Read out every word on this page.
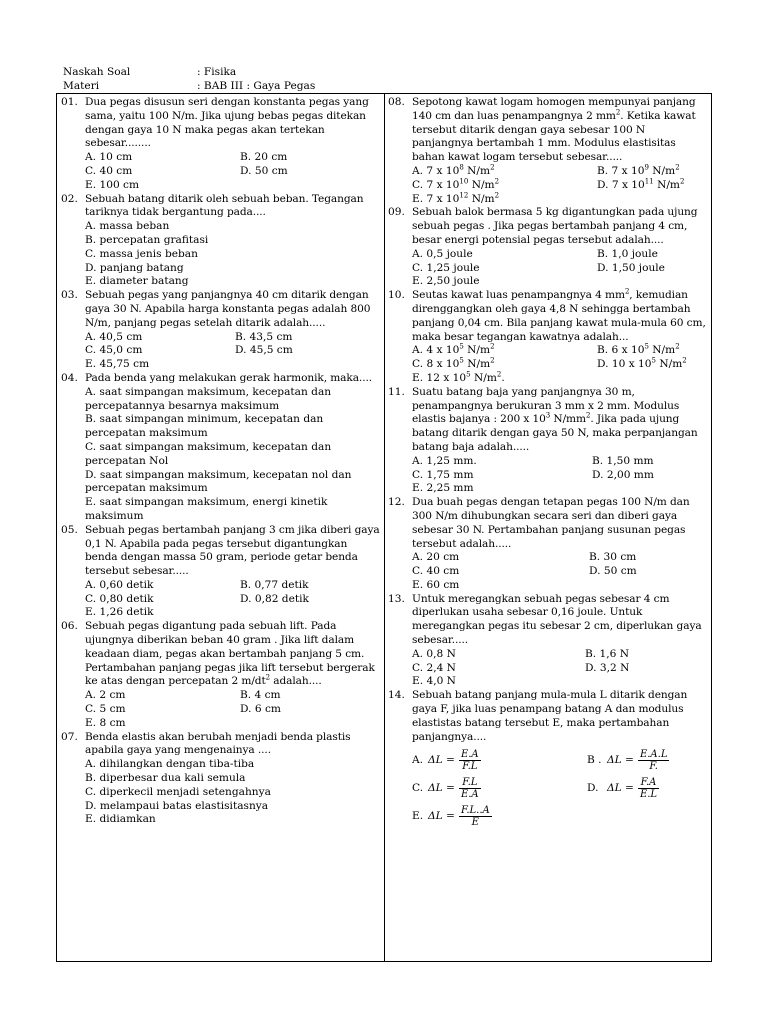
Naskah Soal	: Fisika
Materi	: BAB III : Gaya Pegas
01. Dua pegas disusun seri dengan konstanta pegas yang sama, yaitu 100 N/m. Jika ujung bebas pegas ditekan dengan gaya 10 N maka pegas akan tertekan sebesar........
A. 10 cm	B. 20 cm
C. 40 cm	D. 50 cm
E. 100 cm
02. Sebuah batang ditarik oleh sebuah beban. Tegangan tariknya tidak bergantung pada....
A. massa beban
B. percepatan grafitasi
C. massa jenis beban
D. panjang batang
E. diameter batang
03. Sebuah pegas yang panjangnya 40 cm ditarik dengan gaya 30 N. Apabila harga konstanta pegas adalah 800 N/m, panjang pegas setelah ditarik adalah.....
A. 40,5 cm	B. 43,5 cm
C. 45,0 cm	D. 45,5 cm
E. 45,75 cm
04. Pada benda yang melakukan gerak harmonik, maka....
A. saat simpangan maksimum, kecepatan dan percepatannya besarnya maksimum
B. saat simpangan minimum, kecepatan dan percepatan maksimum
C. saat simpangan maksimum, kecepatan dan percepatan Nol
D. saat simpangan maksimum, kecepatan nol dan percepatan maksimum
E. saat simpangan maksimum, energi kinetik maksimum
05. Sebuah pegas bertambah panjang 3 cm jika diberi gaya 0,1 N. Apabila pada pegas tersebut digantungkan benda dengan massa 50 gram, periode getar benda tersebut sebesar.....
A. 0,60 detik	B. 0,77 detik
C. 0,80 detik	D. 0,82 detik
E. 1,26 detik
06. Sebuah pegas digantung pada sebuah lift. Pada ujungnya diberikan beban 40 gram . Jika lift dalam keadaan diam, pegas akan bertambah panjang 5 cm. Pertambahan panjang pegas jika lift tersebut bergerak ke atas dengan percepatan 2 $m/dt^2$ adalah....
A. 2 cm	B. 4 cm
C. 5 cm	D. 6 cm
E. 8 cm
07. Benda elastis akan berubah menjadi benda plastis apabila gaya yang mengenainya ....
A. dihilangkan dengan tiba-tiba
B. diperbesar dua kali semula
C. diperkecil menjadi setengahnya
D. melampaui batas elastisitasnya
E. didiamkan
08. Sepotong kawat logam homogen mempunyai panjang 140 cm dan luas penampangnya 2 $mm^2$. Ketika kawat tersebut ditarik dengan gaya sebesar 100 N panjangnya bertambah 1 mm. Modulus elastisitas bahan kawat logam tersebut sebesar.....
A. 7 x $10^8$ $N/m^2$	B. 7 x $10^9$ $N/m^2$
C. 7 x $10^{10}$ $N/m^2$	D. 7 x $10^{11}$ $N/m^2$
E. 7 x $10^{12}$ $N/m^2$
09. Sebuah balok bermasa 5 kg digantungkan pada ujung sebuah pegas . Jika pegas bertambah panjang 4 cm, besar energi potensial pegas tersebut adalah....
A. 0,5 joule	B. 1,0 joule
C. 1,25 joule	D. 1,50 joule
E. 2,50 joule
10. Seutas kawat luas penampangnya 4 $mm^2$, kemudian direnggangkan oleh gaya 4,8 N sehingga bertambah panjang 0,04 cm. Bila panjang kawat mula-mula 60 cm, maka besar tegangan kawatnya adalah...
A. 4 x $10^5$ $N/m^2$	B. 6 x $10^5$ $N/m^2$
C. 8 x $10^5$ $N/m^2$	D. 10 x $10^5$ $N/m^2$
E. 12 x $10^5$ $N/m^2$.
11. Suatu batang baja yang panjangnya 30 m, penampangnya berukuran 3 mm x 2 mm. Modulus elastis bajanya : 200 x $10^3$ $N/mm^2$. Jika pada ujung batang ditarik dengan gaya 50 N, maka perpanjangan batang baja adalah.....
A. 1,25 mm.	B. 1,50 mm
C. 1,75 mm	D. 2,00 mm
E. 2,25 mm
12. Dua buah pegas dengan tetapan pegas 100 N/m dan 300 N/m dihubungkan secara seri dan diberi gaya sebesar 30 N. Pertambahan panjang susunan pegas tersebut adalah.....
A. 20 cm	B. 30 cm
C. 40 cm	D. 50 cm
E. 60 cm
13. Untuk meregangkan sebuah pegas sebesar 4 cm diperlukan usaha sebesar 0,16 joule. Untuk meregangkan pegas itu sebesar 2 cm, diperlukan gaya sebesar.....
A. 0,8 N	B. 1,6 N
C. 2,4 N	D. 3,2 N
E. 4,0 N
14. Sebuah batang panjang mula-mula L ditarik dengan gaya F, jika luas penampang batang A dan modulus elastistas batang tersebut E, maka pertambahan panjangnya....
A. $\Delta L = \frac{E.A}{F.L}$	B . $\Delta L = \frac{E.A.L}{F.}$
C. $\Delta L = \frac{F.L}{E.A}$	D. $\Delta L = \frac{F.A}{E.L}$
E. $\Delta L = \frac{F.L..A}{E}$
